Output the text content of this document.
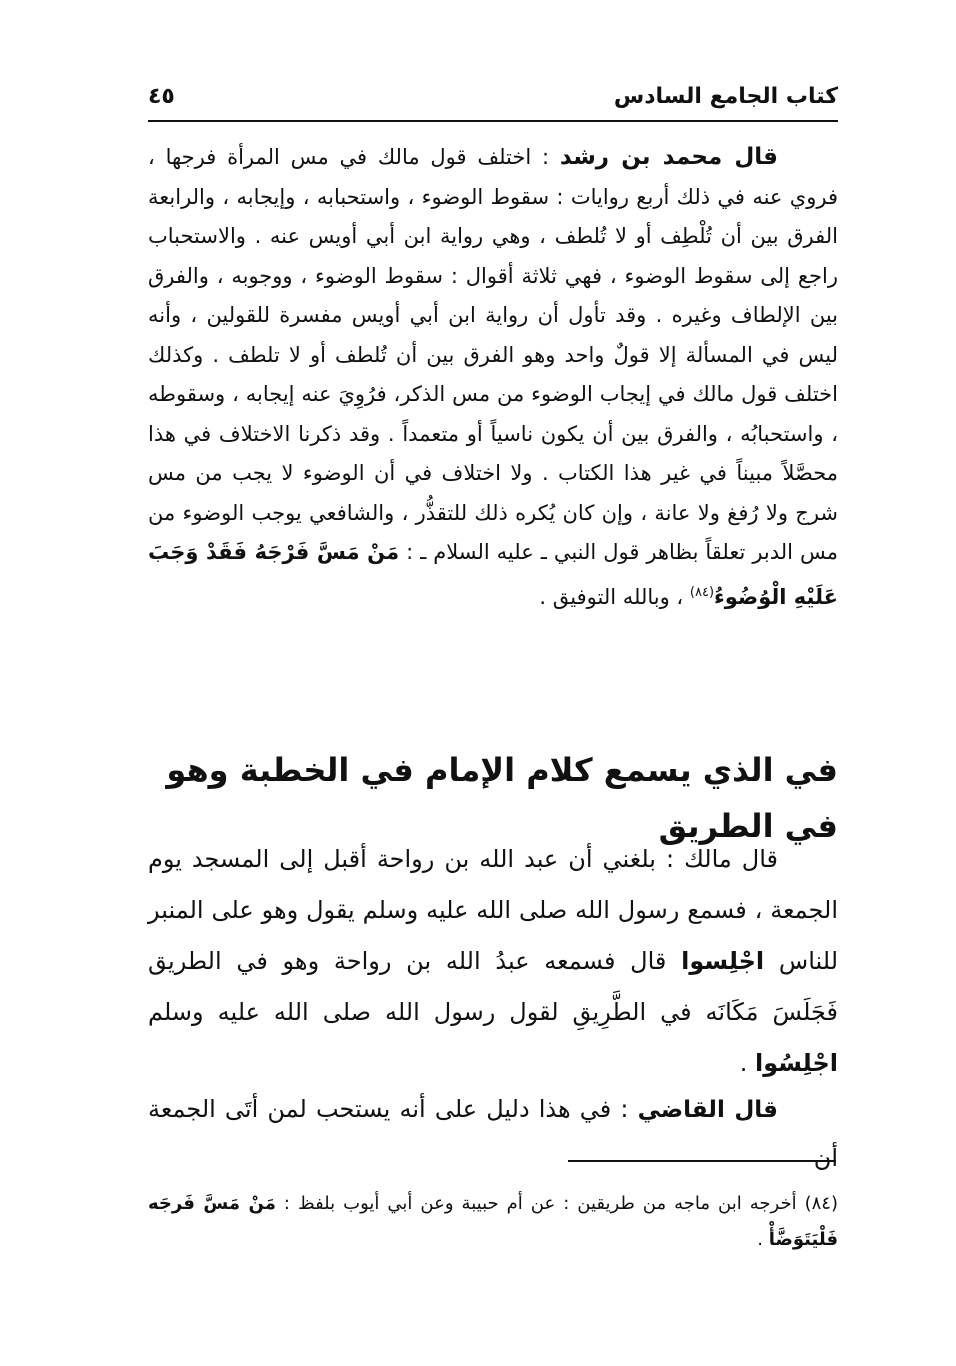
كتاب الجامع السادس
٤٥

قال محمد بن رشد : اختلف قول مالك في مس المرأة فرجها ، فروي عنه في ذلك أربع روايات : سقوط الوضوء ، واستحبابه ، وإيجابه ، والرابعة الفرق بين أن تُلْطِف أو لا تُلطف ، وهي رواية ابن أبي أويس عنه . والاستحباب راجع إلى سقوط الوضوء ، فهي ثلاثة أقوال : سقوط الوضوء ، ووجوبه ، والفرق بين الإلطاف وغيره . وقد تأول أن رواية ابن أبي أويس مفسرة للقولين ، وأنه ليس في المسألة إلا قولٌ واحد وهو الفرق بين أن تُلطف أو لا تلطف . وكذلك اختلف قول مالك في إيجاب الوضوء من مس الذكر، فرُوِيَ عنه إيجابه ، وسقوطه ، واستحبابُه ، والفرق بين أن يكون ناسياً أو متعمداً . وقد ذكرنا الاختلاف في هذا محصَّلاً مبيناً في غير هذا الكتاب . ولا اختلاف في أن الوضوء لا يجب من مس شرج ولا رُفغ ولا عانة ، وإن كان يُكره ذلك للتقذُّر ، والشافعي يوجب الوضوء من مس الدبر تعلقاً بظاهر قول النبي ـ عليه السلام ـ : مَنْ مَسَّ فَرْجَهُ فَقَدْ وَجَبَ عَلَيْهِ الْوُضُوءُ$^{(٨٤)}$ ، وبالله التوفيق .

في الذي يسمع كلام الإمام في الخطبة وهو في الطريق

قال مالك : بلغني أن عبد الله بن رواحة أقبل إلى المسجد يوم الجمعة ، فسمع رسول الله صلى الله عليه وسلم يقول وهو على المنبر للناس اجْلِسوا قال فسمعه عبدُ الله بن رواحة وهو في الطريق فَجَلَسَ مَكَانَه في الطَّرِيقِ لقول رسول الله صلى الله عليه وسلم اجْلِسُوا .

قال القاضي : في هذا دليل على أنه يستحب لمن أتَى الجمعة أن

(٨٤) أخرجه ابن ماجه من طريقين : عن أم حبيبة وعن أبي أيوب بلفظ : مَنْ مَسَّ فَرجَه فَلْيَتَوَضَّأْ .
